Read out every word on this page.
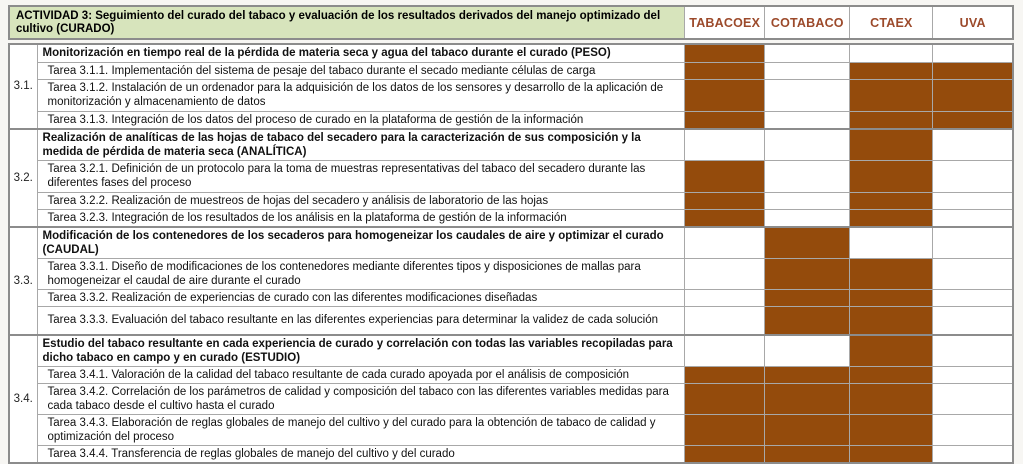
ACTIVIDAD 3: Seguimiento del curado del tabaco y evaluación de los resultados derivados del manejo optimizado del cultivo (CURADO)	TABACOEX	COTABACO	CTAEX	UVA
3.1.	Monitorización en tiempo real de la pérdida de materia seca y agua del tabaco durante el curado (PESO)				
	Tarea 3.1.1. Implementación del sistema de pesaje del tabaco durante el secado mediante células de carga				
	Tarea 3.1.2. Instalación de un ordenador para la adquisición de los datos de los sensores y desarrollo de la aplicación de monitorización y almacenamiento de datos				
	Tarea 3.1.3. Integración de los datos del proceso de curado en la plataforma de gestión de la información				
3.2.	Realización de analíticas de las hojas de tabaco del secadero para la caracterización de sus composición y la medida de pérdida de materia seca (ANALÍTICA)				
	Tarea 3.2.1. Definición de un protocolo para la toma de muestras representativas del tabaco del secadero durante las diferentes fases del proceso				
	Tarea 3.2.2. Realización de muestreos de hojas del secadero y análisis de laboratorio de las hojas				
	Tarea 3.2.3. Integración de los resultados de los análisis en la plataforma de gestión de la información				
3.3.	Modificación de los contenedores de los secaderos para homogeneizar los caudales de aire y optimizar el curado (CAUDAL)				
	Tarea 3.3.1. Diseño de modificaciones de los contenedores mediante diferentes tipos y disposiciones de mallas para homogeneizar el caudal de aire durante el curado				
	Tarea 3.3.2. Realización de experiencias de curado con las diferentes modificaciones diseñadas				
	Tarea 3.3.3. Evaluación del tabaco resultante en las diferentes experiencias para determinar la validez de cada solución				
3.4.	Estudio del tabaco resultante en cada experiencia de curado y correlación con todas las variables recopiladas para dicho tabaco en campo y en curado (ESTUDIO)				
	Tarea 3.4.1. Valoración de la calidad del tabaco resultante de cada curado apoyada por el análisis de composición				
	Tarea 3.4.2. Correlación de los parámetros de calidad y composición del tabaco con las diferentes variables medidas para cada tabaco desde el cultivo hasta el curado				
	Tarea 3.4.3. Elaboración de reglas globales de manejo del cultivo y del curado para la obtención de tabaco de calidad y optimización del proceso				
	Tarea 3.4.4. Transferencia de reglas globales de manejo del cultivo y del curado				
